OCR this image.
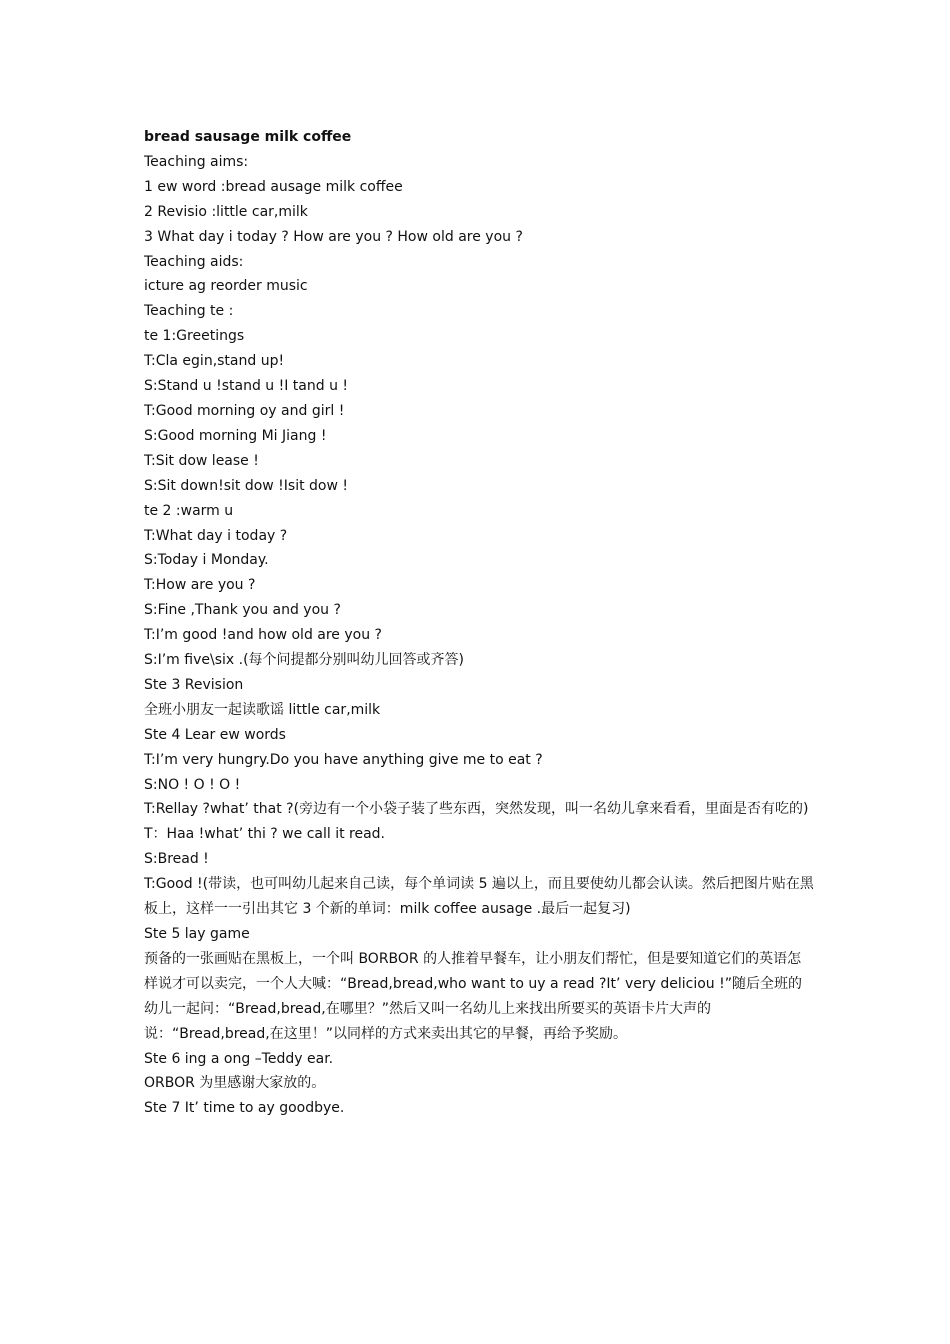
bread sausage milk coffee
Teaching aims:
1 ew word :bread ausage milk coffee
2 Revisio :little car,milk
3 What day i today ? How are you ? How old are you ?
Teaching aids:
icture ag reorder music
Teaching te :
te 1:Greetings
T:Cla egin,stand up!
S:Stand u !stand u !I tand u !
T:Good morning oy and girl !
S:Good morning Mi Jiang !
T:Sit dow lease !
S:Sit down!sit dow !Isit dow !
te 2 :warm u
T:What day i today ?
S:Today i Monday.
T:How are you ?
S:Fine ,Thank you and you ?
T:I’m good !and how old are you ?
S:I’m five\six .(每个问提都分别叫幼儿回答或齐答)
Ste 3 Revision
全班小朋友一起读歌谣 little car,milk
Ste 4 Lear ew words
T:I’m very hungry.Do you have anything give me to eat ?
S:NO ! O ! O !
T:Rellay ?what’ that ?(旁边有一个小袋子装了些东西，突然发现，叫一名幼儿拿来看看，里面是否有吃的)
T：Haa !what’ thi ? we call it read.
S:Bread !
T:Good !(带读，也可叫幼儿起来自己读，每个单词读 5 遍以上，而且要使幼儿都会认读。然后把图片贴在黑板上，这样一一引出其它 3 个新的单词：milk coffee ausage .最后一起复习)
Ste 5 lay game
预备的一张画贴在黑板上，一个叫 BORBOR 的人推着早餐车，让小朋友们帮忙，但是要知道它们的英语怎样说才可以卖完，一个人大喊：“Bread,bread,who want to uy a read ?It’ very deliciou !”随后全班的幼儿一起问：“Bread,bread,在哪里？”然后又叫一名幼儿上来找出所要买的英语卡片大声的说：“Bread,bread,在这里！”以同样的方式来卖出其它的早餐，再给予奖励。
Ste 6 ing a ong –Teddy ear.
ORBOR 为里感谢大家放的。
Ste 7 It’ time to ay goodbye.
